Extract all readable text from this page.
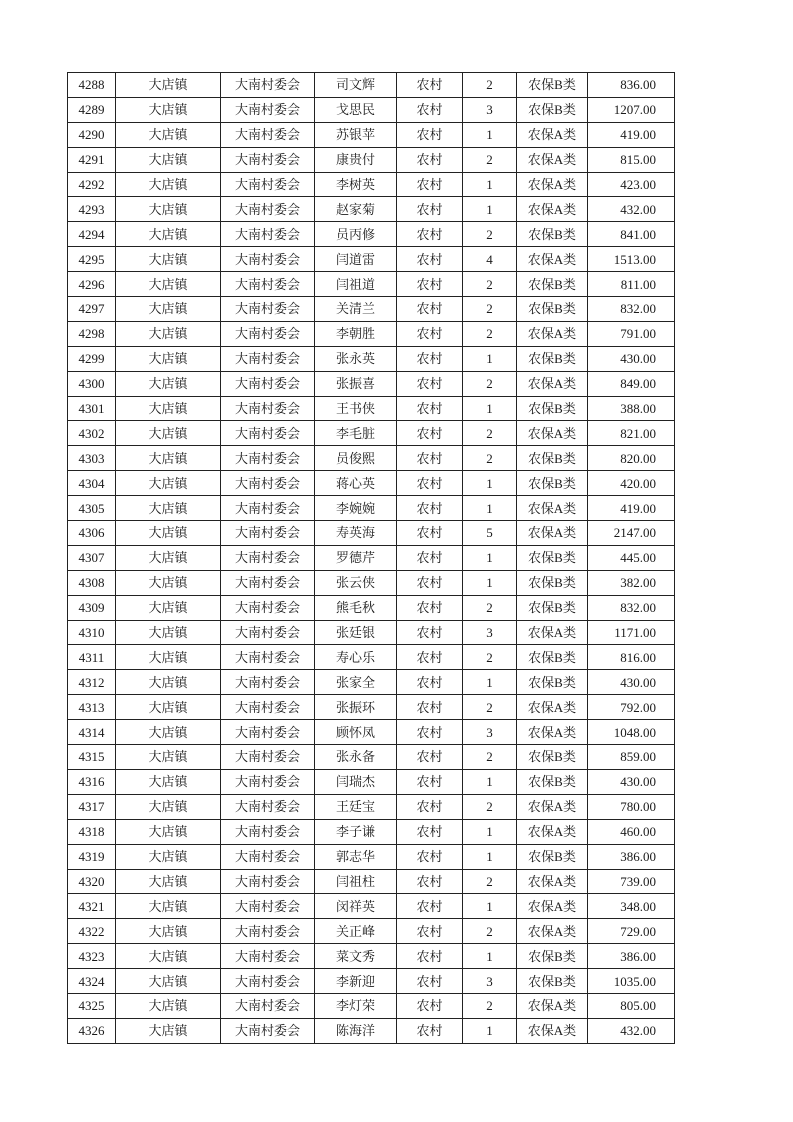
4288	大店镇	大南村委会	司文辉	农村	2	农保B类	836.00
4289	大店镇	大南村委会	戈思民	农村	3	农保B类	1207.00
4290	大店镇	大南村委会	苏银苹	农村	1	农保A类	419.00
4291	大店镇	大南村委会	康贵付	农村	2	农保A类	815.00
4292	大店镇	大南村委会	李树英	农村	1	农保A类	423.00
4293	大店镇	大南村委会	赵家菊	农村	1	农保A类	432.00
4294	大店镇	大南村委会	员丙修	农村	2	农保B类	841.00
4295	大店镇	大南村委会	闫道雷	农村	4	农保A类	1513.00
4296	大店镇	大南村委会	闫祖道	农村	2	农保B类	811.00
4297	大店镇	大南村委会	关清兰	农村	2	农保B类	832.00
4298	大店镇	大南村委会	李朝胜	农村	2	农保A类	791.00
4299	大店镇	大南村委会	张永英	农村	1	农保B类	430.00
4300	大店镇	大南村委会	张振喜	农村	2	农保A类	849.00
4301	大店镇	大南村委会	王书侠	农村	1	农保B类	388.00
4302	大店镇	大南村委会	李毛脏	农村	2	农保A类	821.00
4303	大店镇	大南村委会	员俊熙	农村	2	农保B类	820.00
4304	大店镇	大南村委会	蒋心英	农村	1	农保B类	420.00
4305	大店镇	大南村委会	李婉婉	农村	1	农保A类	419.00
4306	大店镇	大南村委会	寿英海	农村	5	农保A类	2147.00
4307	大店镇	大南村委会	罗德芹	农村	1	农保B类	445.00
4308	大店镇	大南村委会	张云侠	农村	1	农保B类	382.00
4309	大店镇	大南村委会	熊毛秋	农村	2	农保B类	832.00
4310	大店镇	大南村委会	张廷银	农村	3	农保A类	1171.00
4311	大店镇	大南村委会	寿心乐	农村	2	农保B类	816.00
4312	大店镇	大南村委会	张家全	农村	1	农保B类	430.00
4313	大店镇	大南村委会	张振环	农村	2	农保A类	792.00
4314	大店镇	大南村委会	顾怀凤	农村	3	农保A类	1048.00
4315	大店镇	大南村委会	张永备	农村	2	农保B类	859.00
4316	大店镇	大南村委会	闫瑞杰	农村	1	农保B类	430.00
4317	大店镇	大南村委会	王廷宝	农村	2	农保A类	780.00
4318	大店镇	大南村委会	李子谦	农村	1	农保A类	460.00
4319	大店镇	大南村委会	郭志华	农村	1	农保B类	386.00
4320	大店镇	大南村委会	闫祖柱	农村	2	农保A类	739.00
4321	大店镇	大南村委会	闵祥英	农村	1	农保A类	348.00
4322	大店镇	大南村委会	关正峰	农村	2	农保A类	729.00
4323	大店镇	大南村委会	菜文秀	农村	1	农保B类	386.00
4324	大店镇	大南村委会	李新迎	农村	3	农保B类	1035.00
4325	大店镇	大南村委会	李灯荣	农村	2	农保A类	805.00
4326	大店镇	大南村委会	陈海洋	农村	1	农保A类	432.00
